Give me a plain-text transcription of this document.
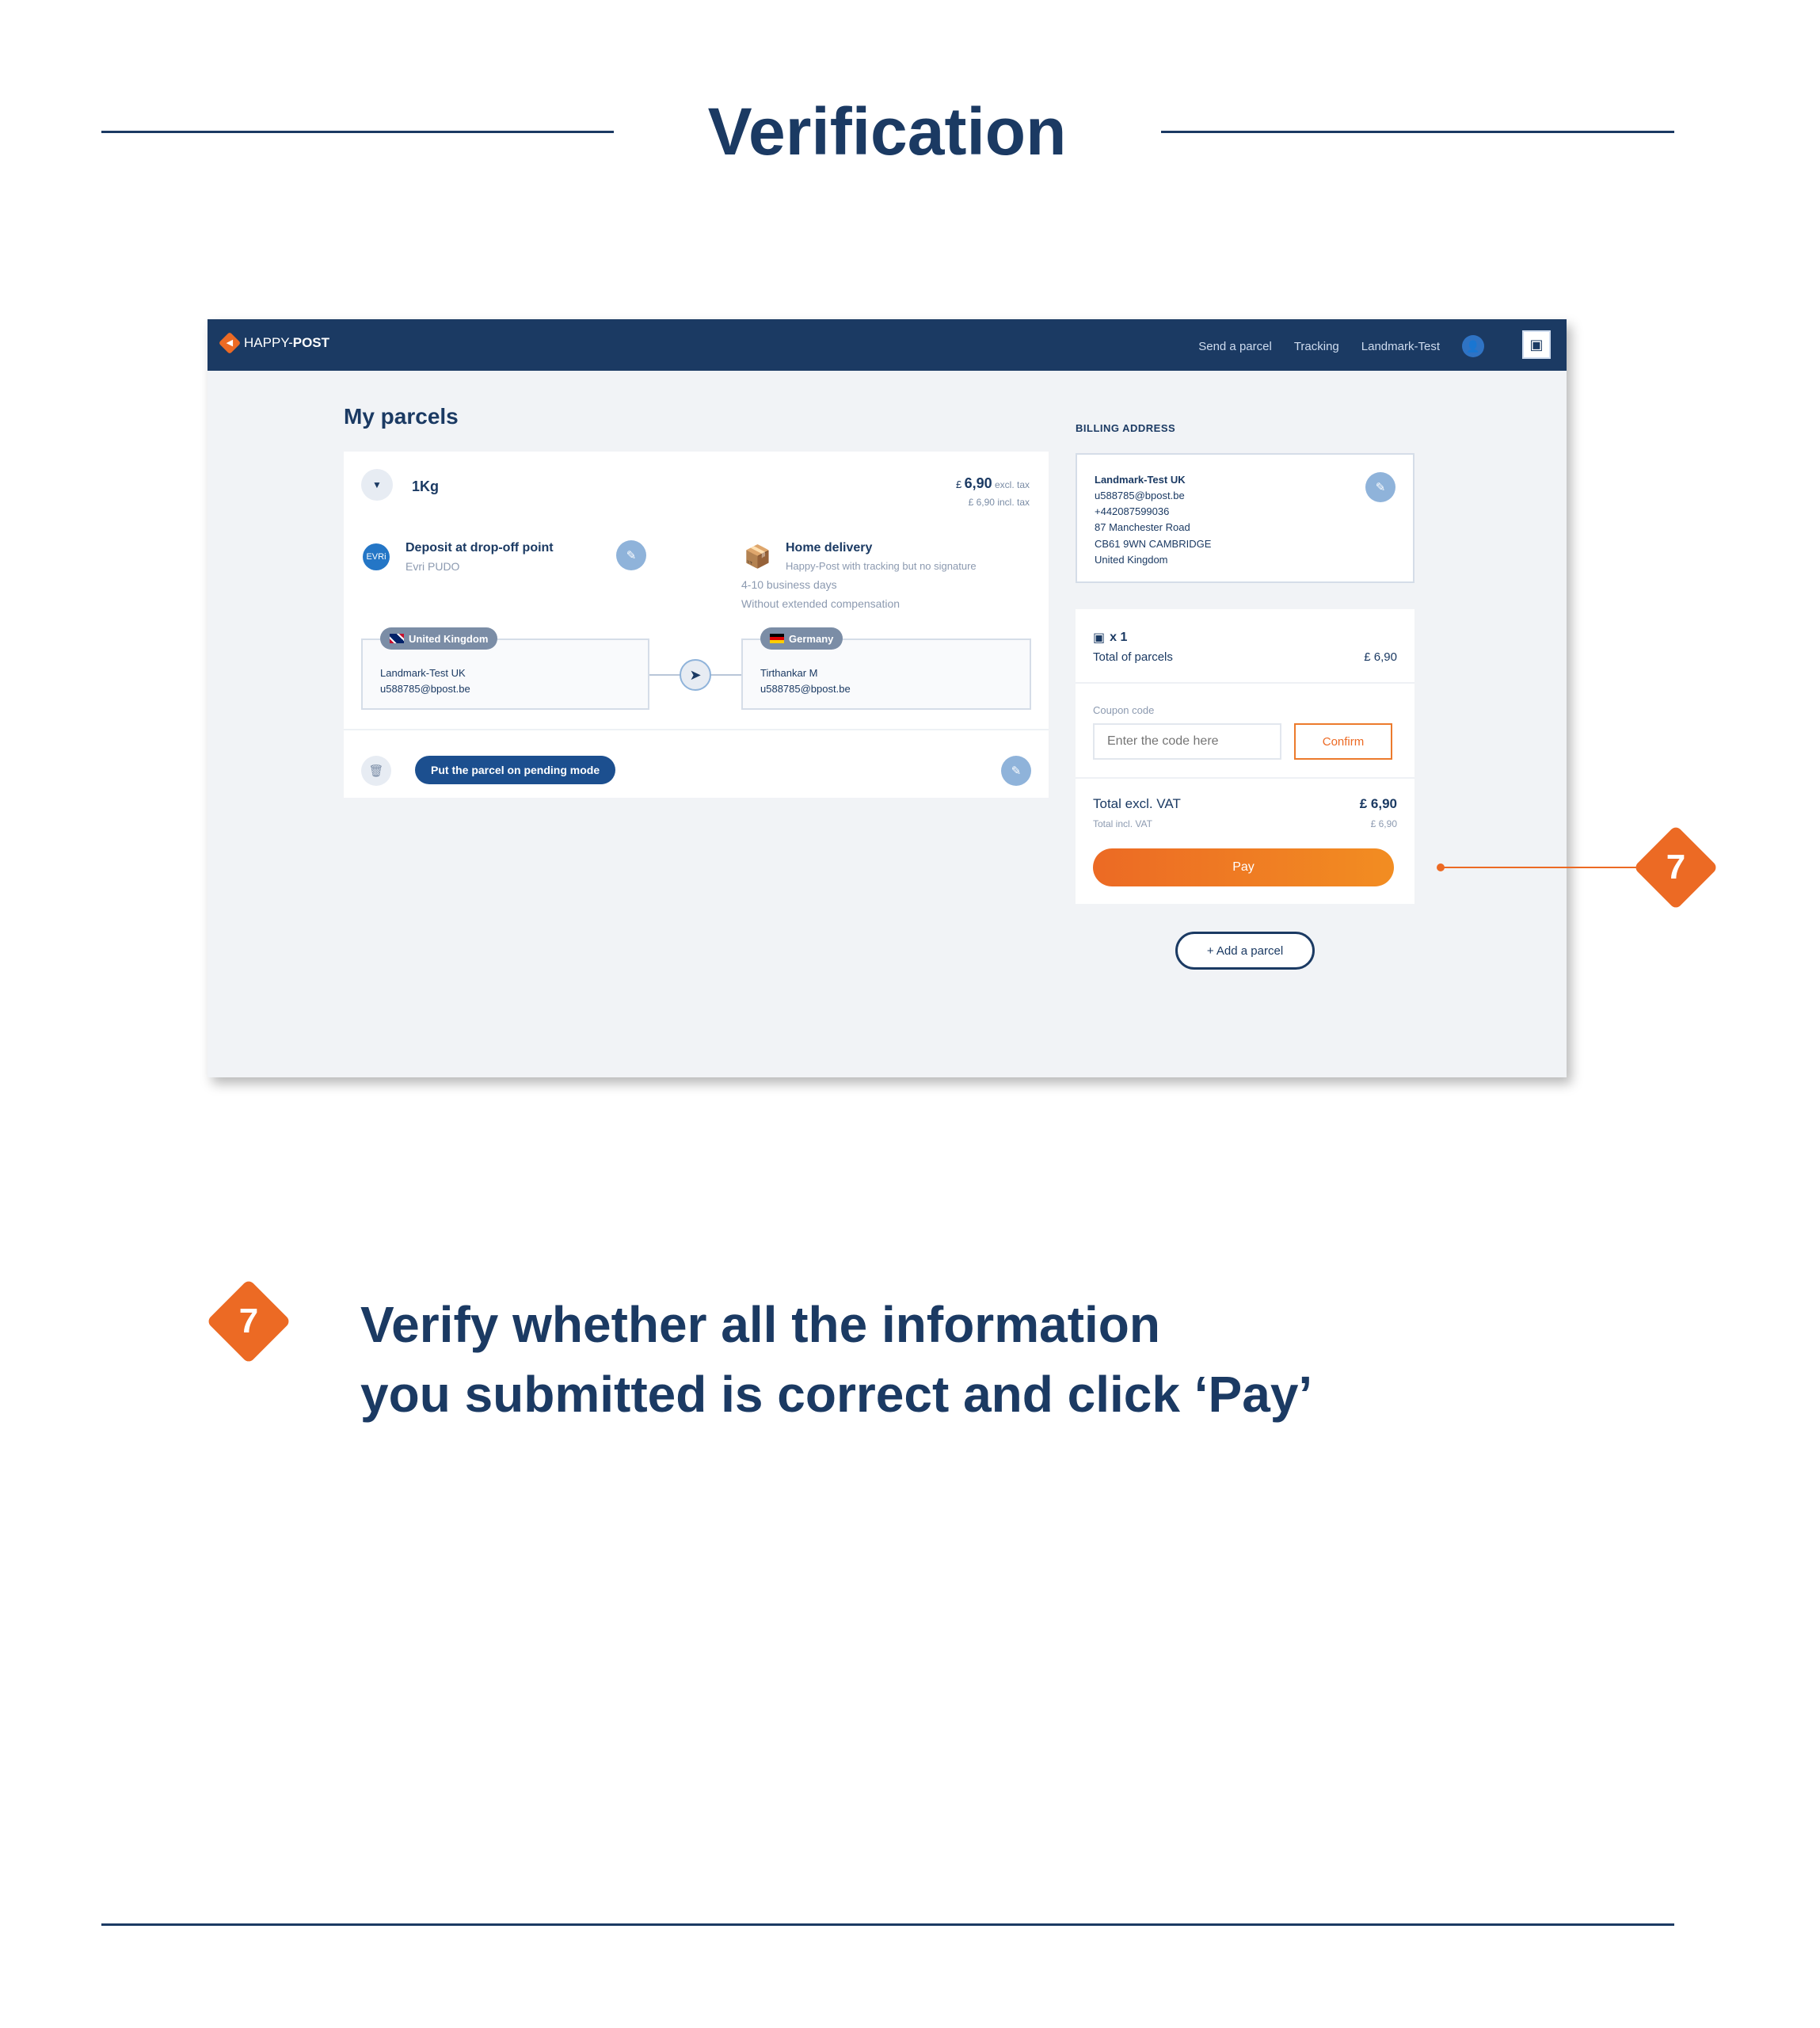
Verification
◀ HAPPY-POST	Send a parcel Tracking Landmark-Test	👤	▣
My parcels
▼	1Kg	£ 6,90 excl. tax
£ 6,90 incl. tax
EVRi
Deposit at drop-off point
Evri PUDO
✎	📦 Home delivery
Happy-Post with tracking but no signature
4-10 business days
Without extended compensation
United Kingdom
Landmark-Test UK
u588785@bpost.be
➤
Germany
Tirthankar M
u588785@bpost.be
🗑	Put the parcel on pending mode	✎
BILLING ADDRESS
Landmark-Test UK
u588785@bpost.be
+442087599036
87 Manchester Road
CB61 9WN CAMBRIDGE
United Kingdom
✎
▣ x 1
Total of parcels	£ 6,90
Coupon code
Enter the code here
Confirm
Total excl. VAT	£ 6,90
Total incl. VAT	£ 6,90
Pay
+ Add a parcel
7
7	Verify whether all the information
you submitted is correct and click ‘Pay’
